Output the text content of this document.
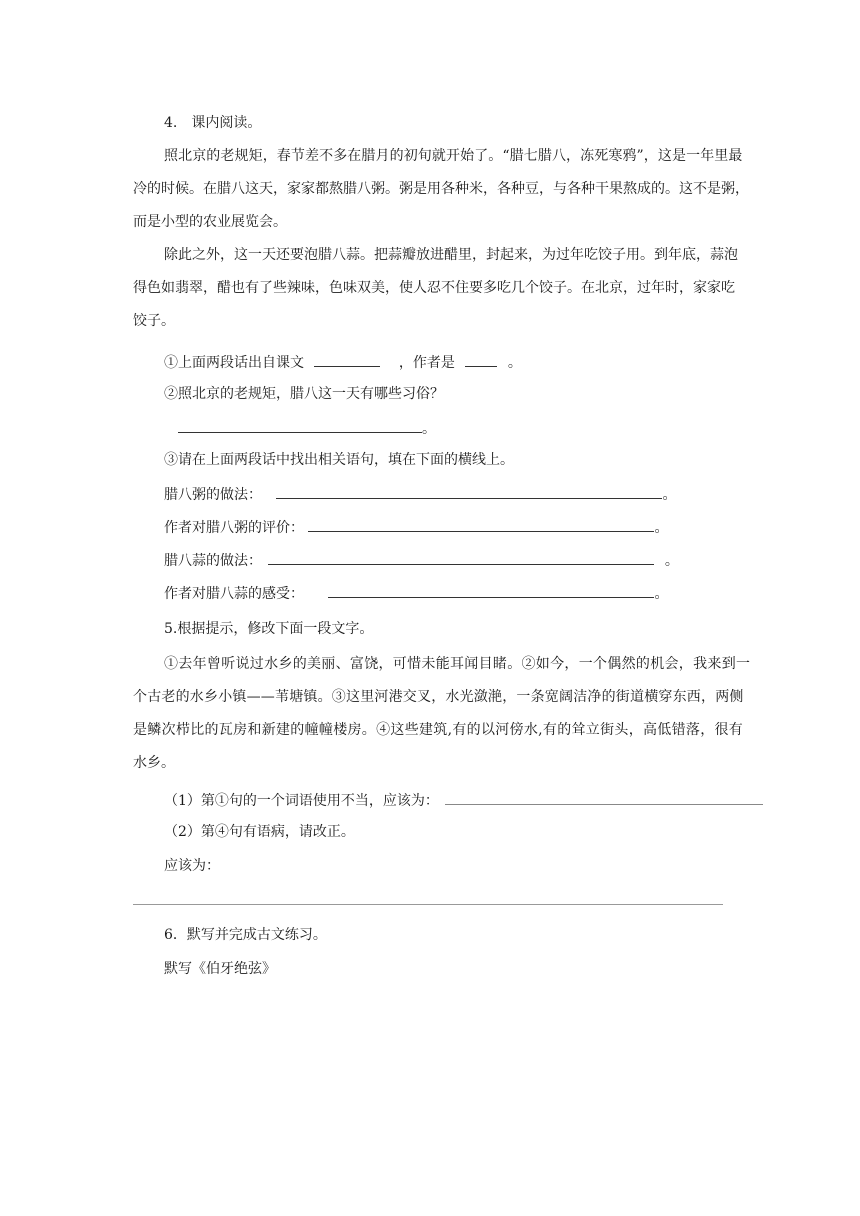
4.　课内阅读。
照北京的老规矩，春节差不多在腊月的初旬就开始了。“腊七腊八，冻死寒鸦”，这是一年里最
冷的时候。在腊八这天，家家都熬腊八粥。粥是用各种米，各种豆，与各种干果熬成的。这不是粥，
而是小型的农业展览会。
除此之外，这一天还要泡腊八蒜。把蒜瓣放进醋里，封起来，为过年吃饺子用。到年底，蒜泡
得色如翡翠，醋也有了些辣味，色味双美，使人忍不住要多吃几个饺子。在北京，过年时，家家吃
饺子。
①上面两段话出自课文	，作者是	。
②照北京的老规矩，腊八这一天有哪些习俗？
。
③请在上面两段话中找出相关语句，填在下面的横线上。
腊八粥的做法：	。
作者对腊八粥的评价：	。
腊八蒜的做法：	。
作者对腊八蒜的感受：	。
5.根据提示，修改下面一段文字。
①去年曾听说过水乡的美丽、富饶，可惜未能耳闻目睹。②如今，一个偶然的机会，我来到一
个古老的水乡小镇——苇塘镇。③这里河港交叉，水光潋滟，一条宽阔洁净的街道横穿东西，两侧
是鳞次栉比的瓦房和新建的幢幢楼房。④这些建筑,有的以河傍水,有的耸立街头，高低错落，很有
水乡。
（1）第①句的一个词语使用不当，应该为：
（2）第④句有语病，请改正。
应该为：
6．默写并完成古文练习。
默写《伯牙绝弦》
